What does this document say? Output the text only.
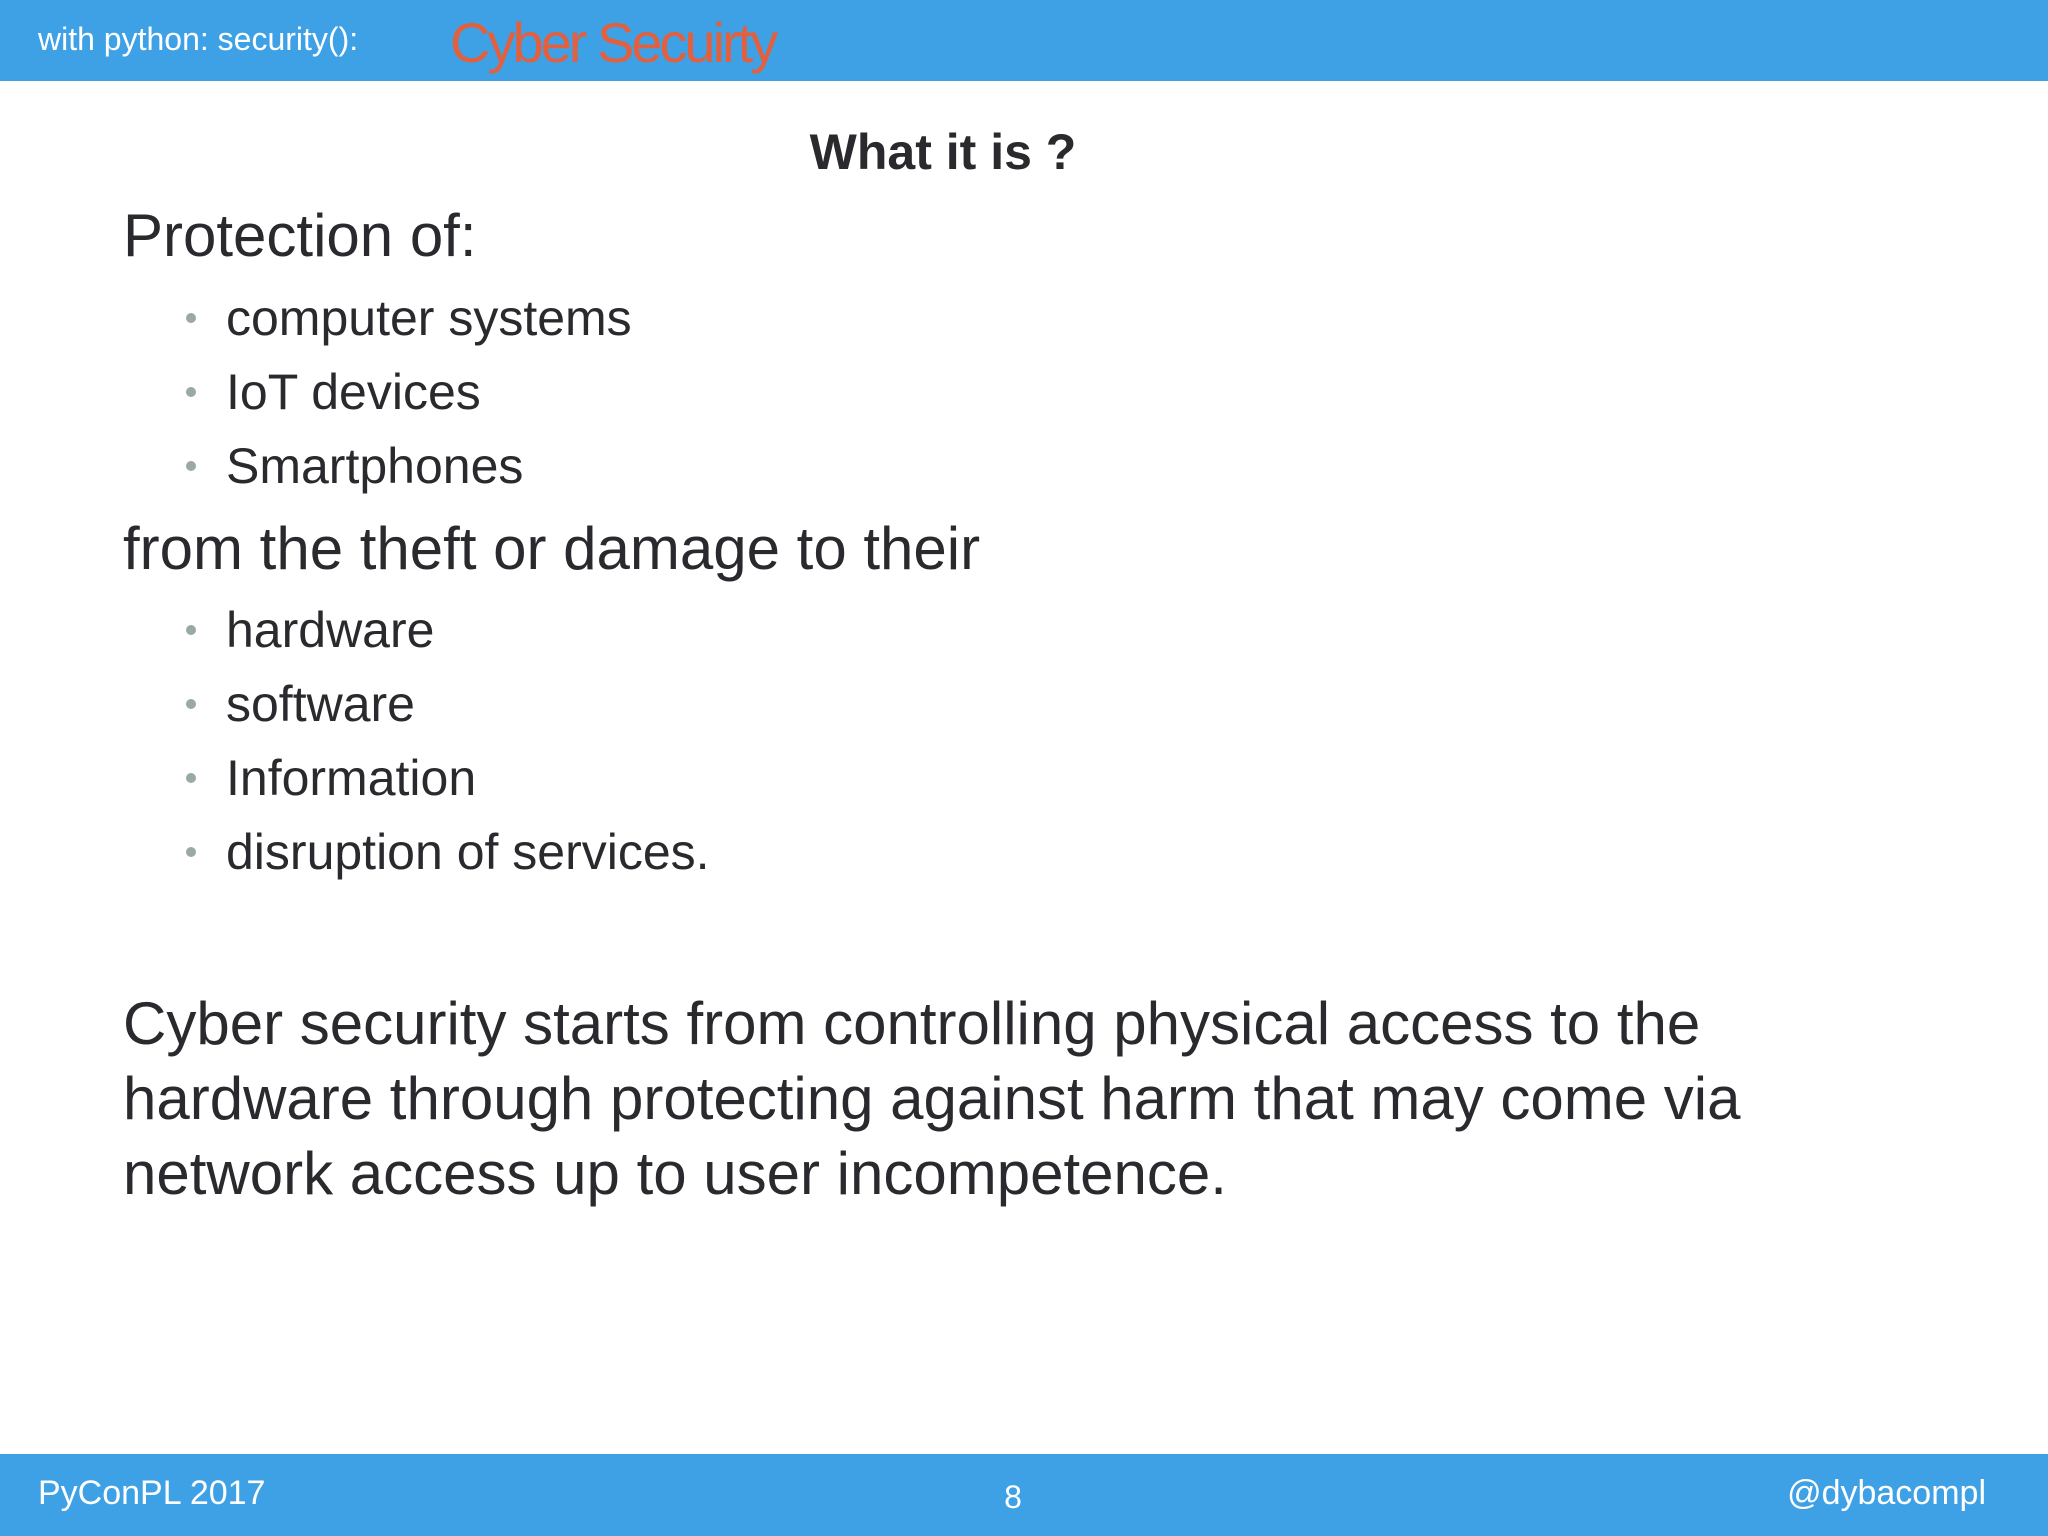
with python: security(): Cyber Secuirty
What it is ?
Protection of:
computer systems
IoT devices
Smartphones
from the theft or damage to their
hardware
software
Information
disruption of services.
Cyber security starts from controlling physical access to the hardware through protecting against harm that may come via network access up to user incompetence.
PyConPL 2017	8	@dybacompl
